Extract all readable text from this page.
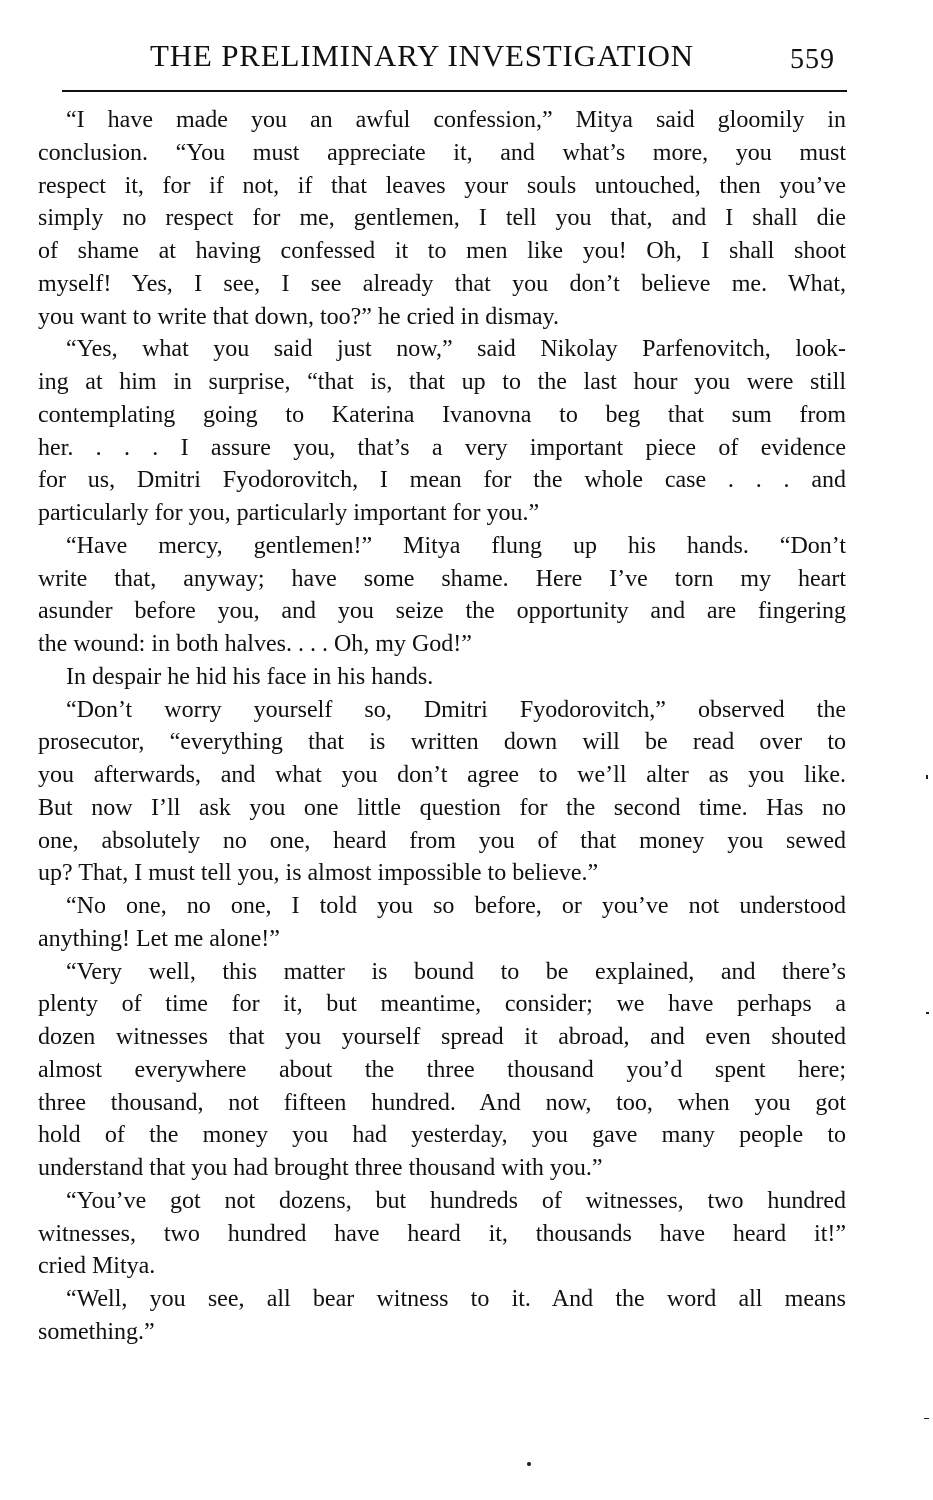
THE PRELIMINARY INVESTIGATION	559
“I have made you an awful confession,” Mitya said gloomily in
conclusion. “You must appreciate it, and what’s more, you must
respect it, for if not, if that leaves your souls untouched, then you’ve
simply no respect for me, gentlemen, I tell you that, and I shall die
of shame at having confessed it to men like you! Oh, I shall shoot
myself! Yes, I see, I see already that you don’t believe me. What,
you want to write that down, too?” he cried in dismay.
“Yes, what you said just now,” said Nikolay Parfenovitch, look-
ing at him in surprise, “that is, that up to the last hour you were still
contemplating going to Katerina Ivanovna to beg that sum from
her. . . . I assure you, that’s a very important piece of evidence
for us, Dmitri Fyodorovitch, I mean for the whole case . . . and
particularly for you, particularly important for you.”
“Have mercy, gentlemen!” Mitya flung up his hands. “Don’t
write that, anyway; have some shame. Here I’ve torn my heart
asunder before you, and you seize the opportunity and are fingering
the wound: in both halves. . . . Oh, my God!”
In despair he hid his face in his hands.
“Don’t worry yourself so, Dmitri Fyodorovitch,” observed the
prosecutor, “everything that is written down will be read over to
you afterwards, and what you don’t agree to we’ll alter as you like.
But now I’ll ask you one little question for the second time. Has no
one, absolutely no one, heard from you of that money you sewed
up? That, I must tell you, is almost impossible to believe.”
“No one, no one, I told you so before, or you’ve not understood
anything! Let me alone!”
“Very well, this matter is bound to be explained, and there’s
plenty of time for it, but meantime, consider; we have perhaps a
dozen witnesses that you yourself spread it abroad, and even shouted
almost everywhere about the three thousand you’d spent here;
three thousand, not fifteen hundred. And now, too, when you got
hold of the money you had yesterday, you gave many people to
understand that you had brought three thousand with you.”
“You’ve got not dozens, but hundreds of witnesses, two hundred
witnesses, two hundred have heard it, thousands have heard it!”
cried Mitya.
“Well, you see, all bear witness to it. And the word all means
something.”
